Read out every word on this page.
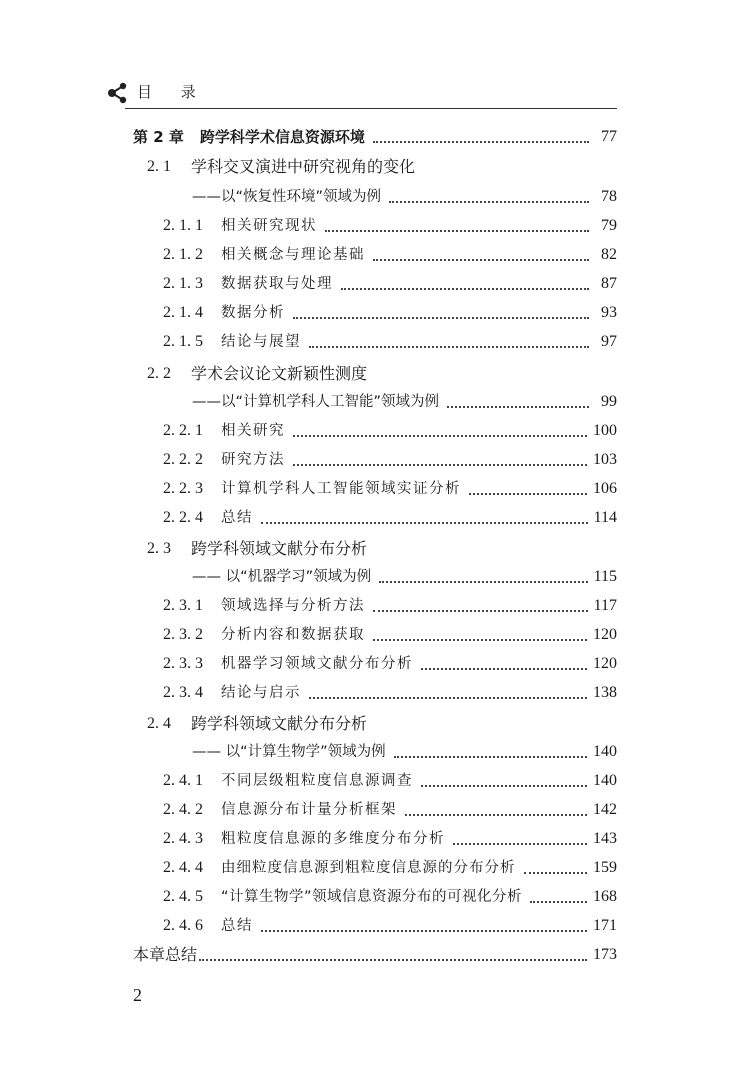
目 录
第 2 章 跨学科学术信息资源环境	77
2. 1 学科交叉演进中研究视角的变化
——以“恢复性环境”领域为例	78
2. 1. 1 相关研究现状	79
2. 1. 2 相关概念与理论基础	82
2. 1. 3 数据获取与处理	87
2. 1. 4 数据分析	93
2. 1. 5 结论与展望	97
2. 2 学术会议论文新颖性测度
——以“计算机学科人工智能”领域为例	99
2. 2. 1 相关研究	100
2. 2. 2 研究方法	103
2. 2. 3 计算机学科人工智能领域实证分析	106
2. 2. 4 总结	114
2. 3 跨学科领域文献分布分析
—— 以“机器学习”领域为例	115
2. 3. 1 领域选择与分析方法	117
2. 3. 2 分析内容和数据获取	120
2. 3. 3 机器学习领域文献分布分析	120
2. 3. 4 结论与启示	138
2. 4 跨学科领域文献分布分析
—— 以“计算生物学”领域为例	140
2. 4. 1 不同层级粗粒度信息源调查	140
2. 4. 2 信息源分布计量分析框架	142
2. 4. 3 粗粒度信息源的多维度分布分析	143
2. 4. 4 由细粒度信息源到粗粒度信息源的分布分析	159
2. 4. 5 “计算生物学”领域信息资源分布的可视化分析	168
2. 4. 6 总结	171
本章总结	173
2
